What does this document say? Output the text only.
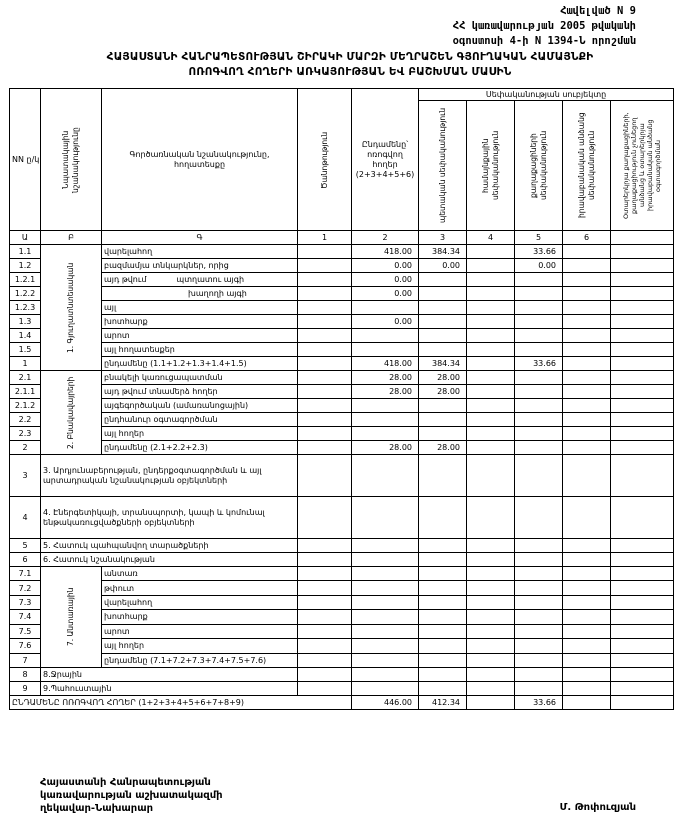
Հավելված N 9
ՀՀ կառավարության 2005 թվականի
օգոստոսի 4-ի N 1394-Ն որոշման
ՀԱՅԱՍՏԱՆԻ ՀԱՆՐԱՊԵՏՈՒԹՅԱՆ ՇԻՐԱԿԻ ՄԱՐԶԻ ՄԵՂՐԱՇԵՆ ԳՅՈՒՂԱԿԱՆ ՀԱՄԱՅՆՔԻ
ՈՌՈԳՎՈՂ ՀՈՂԵՐԻ ԱՌԿԱՅՈՒԹՅԱՆ ԵՎ ԲԱՇԽՄԱՆ ՄԱՍԻՆ
NN ը/կ	Նպատակային նշանակությունը	Գործառնական նշանակությունը, հողատեսքը	Ծանոթություն	Ընդամենը՝ ոռոգվող հողեր (2+3+4+5+6)	Սեփականության սուբյեկտը				

					պետական սեփականություն	համայնքային սեփականություն	քաղաքացիների սեփականություն	իրավաբանական անձանց սեփականություն	Օտարերկրյա քաղաքացիների, քաղաքացիություն չունեցող անձանց և օտարերկրյա իրավաբանական անձանց օգտագործման

Ա	Բ	Գ	1	2	3	4	5	6	
1.1	1. Գյուղատնտեսական	վարելահող		418.00	384.34		33.66		
1.2		բազմամյա տնկարկներ, որից		0.00	0.00		0.00		
1.2.1		այդ թվում պտղատու այգի		0.00					
1.2.2		խաղողի այգի		0.00					
1.2.3		այլ							
1.3		խոտհարք		0.00					
1.4		արոտ							
1.5		այլ հողատեսքեր							
1		ընդամենը (1.1+1.2+1.3+1.4+1.5)		418.00	384.34		33.66		
2.1	2. Բնակավայրերի	բնակելի կառուցապատման		28.00	28.00				
2.1.1		այդ թվում տնամերձ հողեր		28.00	28.00				
2.1.2		այգեգործական (ամառանոցային)							
2.2		ընդհանուր օգտագործման							
2.3		այլ հողեր							
2		ընդամենը (2.1+2.2+2.3)		28.00	28.00				
3	3. Արդյունաբերության, ընդերքօգտագործման և այլ արտադրական նշանակության օբյեկտների								
4	4. Էներգետիկայի, տրանսպորտի, կապի և կոմունալ ենթակառուցվածքների օբյեկտների								
5	5. Հատուկ պահպանվող տարածքների								
6	6. Հատուկ նշանակության								
7.1	7. Անտառային	անտառ							
7.2		թփուտ							
7.3		վարելահող							
7.4		խոտհարք							
7.5		արոտ							
7.6		այլ հողեր							
7		ընդամենը (7.1+7.2+7.3+7.4+7.5+7.6)							
8	8.Ջրային								
9	9.Պահուստային								
ԸՆԴԱՄԵՆԸ ՈՌՈԳՎՈՂ ՀՈՂԵՐ (1+2+3+4+5+6+7+8+9)				446.00	412.34		33.66		
Հայաստանի Հանրապետության
կառավարության աշխատակազմի
ղեկավար-Նախարար	Մ. Թոփուզյան
